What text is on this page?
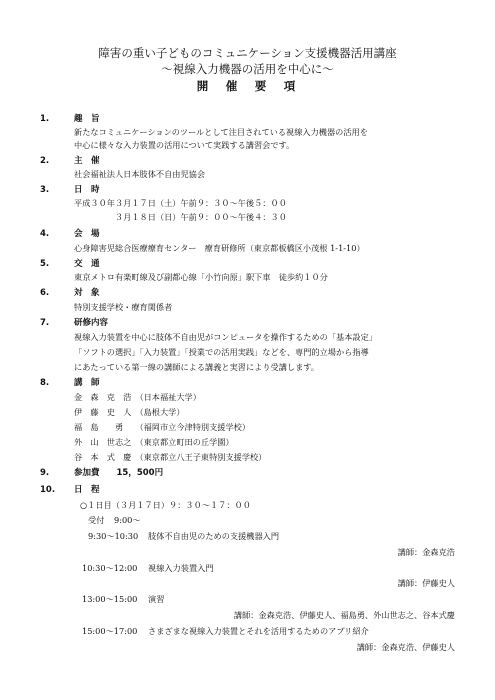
障害の重い子どものコミュニケーション支援機器活用講座
～視線入力機器の活用を中心に～
開　催　要　項
1.	趣　旨
新たなコミュニケーションのツールとして注目されている視線入力機器の活用を
中心に様々な入力装置の活用について実践する講習会です。
2.	主　催
社会福祉法人日本肢体不自由児協会
3.	日　時
平成３０年３月１７日（土）午前９：３０～午後５：００
　　　　　３月１８日（日）午前９：００～午後４：３０
4.	会　場
心身障害児総合医療療育センター　療育研修所（東京都板橋区小茂根 1-1-10）
5.	交　通
東京メトロ有楽町線及び副都心線「小竹向原」駅下車　徒歩約１０分
6.	対　象
特別支援学校・療育関係者
7.	研修内容
視線入力装置を中心に肢体不自由児がコンピュータを操作するための「基本設定」
「ソフトの選択」「入力装置」「授業での活用実践」などを、専門的立場から指導
にあたっている第一線の講師による講義と実習により受講します。
8.	講　師
金　森　克　浩　（日本福祉大学）
伊　藤　史　人　（島根大学）
福　島　　勇　　（福岡市立今津特別支援学校）
外　山　世志之　（東京都立町田の丘学園）
谷　本　式　慶　（東京都立八王子東特別支援学校）
9.	参加費　　15，500円
10. 日　程
○１日目（３月１７日）９：３０～１７：００
受付 9:00～
9:30～10:30 肢体不自由児のための支援機器入門
講師：金森克浩
10:30～12:00 視線入力装置入門
講師：伊藤史人
13:00～15:00 演習
講師：金森克浩、伊藤史人、福島勇、外山世志之、谷本式慶
15:00～17:00 さまざまな視線入力装置とそれを活用するためのアプリ紹介
講師：金森克浩、伊藤史人
